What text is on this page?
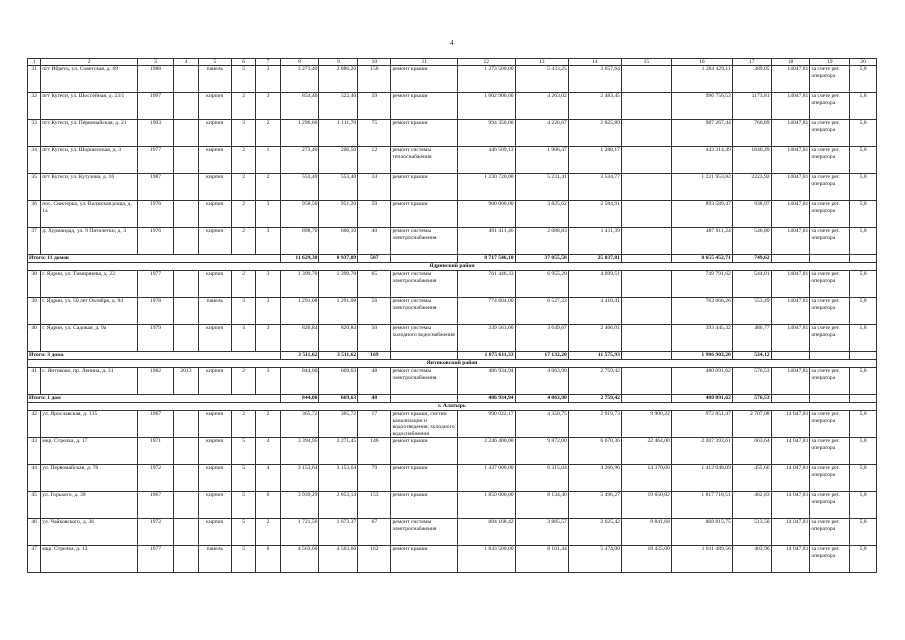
4
1	2	3	4	5	6	7	8	9	10	11	12	13	14	15	16	17	18	19	20
31	пгт Ибресь, ул. Советская, д. 69	1988		панель	5	3	3 273,40	2 886,20	156	ремонт крыши	1 273 500,00	5 433,25	3 657,64		1 264 429,11	389,05	14047,81	за счете рег. оператора	5,8
32	пгт Кугеси, ул. Шоссейная, д. 23/1	1997		кирпич	2	3	854,40	522,40	59	ремонт крыши	1 002 900,00	4 263,02	2 483,45		996 756,53	1173,81	14047,81	за счете рег. оператора	5,8
33	пгт Кугеси, ул. Первомайская, д. 21	1993		кирпич	3	2	1 296,60	1 111,70	75	ремонт крыши	994 350,00	4 226,67	2 825,89		987 267,44	766,89	14047,81	за счете рег. оператора	5,8
34	пгт Кугеси, ул. Шоршелская, д. 3	1977		кирпич	2	1	273,40	206,50	12	ремонт системы теплоснабжения	446 509,13	1 906,47	1 288,17		443 314,49	1640,49	14047,81	за счете рег. оператора	5,8
35	пгт Кугеси, ул. Кутузова, д. 16	1987		кирпич	2	2	553,40	553,40	34	ремонт крыши	1 230 720,00	5 231,41	3 534,77		1 221 953,82	2223,92	14047,81	за счете рег. оператора	5,8
36	пос. Сюктерка, ул. Волжская роща, д. 1а	1976		кирпич	2	3	958,50	951,20	59	ремонт крыши	900 000,00	3 825,62	2 584,91		893 589,47	938,97	14047,81	за счете рег. оператора	5,8
37	д. Хурмандад, ул. 9 Пятилетки, д. 3	1976		кирпич	2	3	898,70	666,10	40	ремонт системы электроснабжения	491 411,46	2 088,83	1 411,39		487 911,24	546,80	14047,81	за счете рег. оператора	5,8
Итого: 11 домов							11 629,30	8 937,09	587		8 717 546,10	37 055,58	25 037,81		8 655 452,71	749,62			
Ядринский район																			
38	г. Ядрин, ул. Тимирязева, д. 22	1977		кирпич	2	3	1 399,70	1 399,70	65	ремонт системы электроснабжения	761 446,33	6 955,20	4 699,51		749 791,62	544,01	14047,81	за счете рег. оператора	5,8
39	г. Ядрин, ул. 50 лет Октября, д. 94	1978		панель	3	3	1 291,08	1 291,08	56	ремонт системы электроснабжения	774 604,00	6 527,33	4 410,41		763 666,26	553,49	14047,81	за счете рег. оператора	5,8
40	г. Ядрин, ул. Садовая, д. 9а	1979		кирпич	3	3	820,84	820,84	50	ремонт системы холодного водоснабжения	339 561,00	3 649,67	2 466,01		393 445,32	486,77	14047,81	за счете рег. оператора	5,8
Итого: 3 дома							3 511,62	3 511,62	169		1 875 611,33	17 132,20	11 575,93		1 906 903,20	534,12			
Янтиковский район																			
41	с. Янтиково, пр. Ленина, д. 31	1982	2013	кирпич	2	3	844,00	669,63	48	ремонт системы электроснабжения	486 934,94	4 063,90	2 759,42		480 091,62	576,53	14047,81	за счете рег. оператора	5,8
Итого: 1 дом							844,00	669,63	48		486 934,94	4 063,90	2 759,42		480 091,62	576,53			
г. Алатырь																			
42	ул. Ярославская, д. 135	1967		кирпич	2	2	365,72	365,72	17	ремонт крыши, систем канализации и водоотведения, холодного водоснабжения	990 022,17	4 350,75	2 919,73	9 900,22	972 851,47	2 707,08	14 047,81	за счете рег. оператора	5,8
43	мкр. Стрелка, д. 17	1971		кирпич	5	4	3 394,95	3 271,45	146	ремонт крыши	2 246 400,00	9 872,00	6 670,36	22 464,00	2 207 393,61	663,64	14 047,81	за счете рег. оператора	5,8
44	ул. Первомайская, д. 78	1972		кирпич	5	4	3 153,64	3 153,64	79	ремонт крыши	1 437 000,00	6 315,04	4 266,96	14 370,00	1 412 048,09	455,66	14 047,81	за счете рег. оператора	5,8
45	ул. Горького, д. 39	1967		кирпич	5	6	3 939,29	2 853,14	153	ремонт крыши	1 850 000,00	8 134,40	5 496,27	19 650,82	1 817 718,51	462,83	14 047,81	за счете рег. оператора	5,8
46	ул. Чайковского, д. 36	1972		кирпич	5	2	1 721,56	1 673,37	67	ремонт системы электроснабжения	884 168,42	3 885,57	2 625,42	8 841,68	868 815,75	513,50	14 047,81	за счете рег. оператора	5,8
47	мкр. Стрелка, д. 12	1977		панель	5	6	4 563,60	4 563,60	162	ремонт крыши	1 843 500,00	8 101,44	5 474,00	18 435,00	1 811 489,56	403,96	14 047,81	за счете рег. оператора	5,8
